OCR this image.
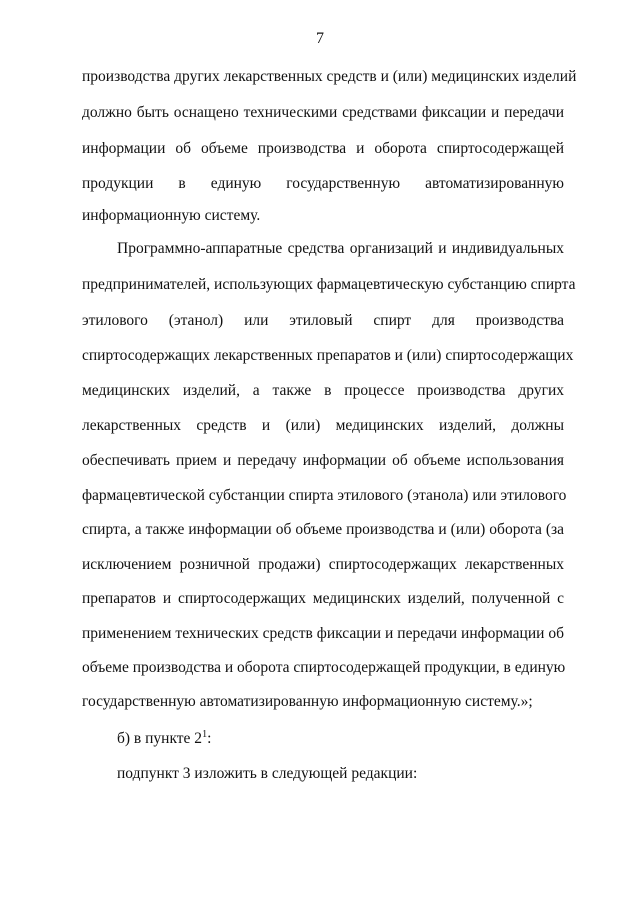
7
производства других лекарственных средств и (или) медицинских изделий
должно быть оснащено техническими средствами фиксации и передачи
информации об объеме производства и оборота спиртосодержащей
продукции в единую государственную автоматизированную
информационную систему.
Программно-аппаратные средства организаций и индивидуальных
предпринимателей, использующих фармацевтическую субстанцию спирта
этилового (этанол) или этиловый спирт для производства
спиртосодержащих лекарственных препаратов и (или) спиртосодержащих
медицинских изделий, а также в процессе производства других
лекарственных средств и (или) медицинских изделий, должны
обеспечивать прием и передачу информации об объеме использования
фармацевтической субстанции спирта этилового (этанола) или этилового
спирта, а также информации об объеме производства и (или) оборота (за
исключением розничной продажи) спиртосодержащих лекарственных
препаратов и спиртосодержащих медицинских изделий, полученной с
применением технических средств фиксации и передачи информации об
объеме производства и оборота спиртосодержащей продукции, в единую
государственную автоматизированную информационную систему.»;
подпункт 3 изложить в следующей редакции:
б) в пункте $2^1$:
